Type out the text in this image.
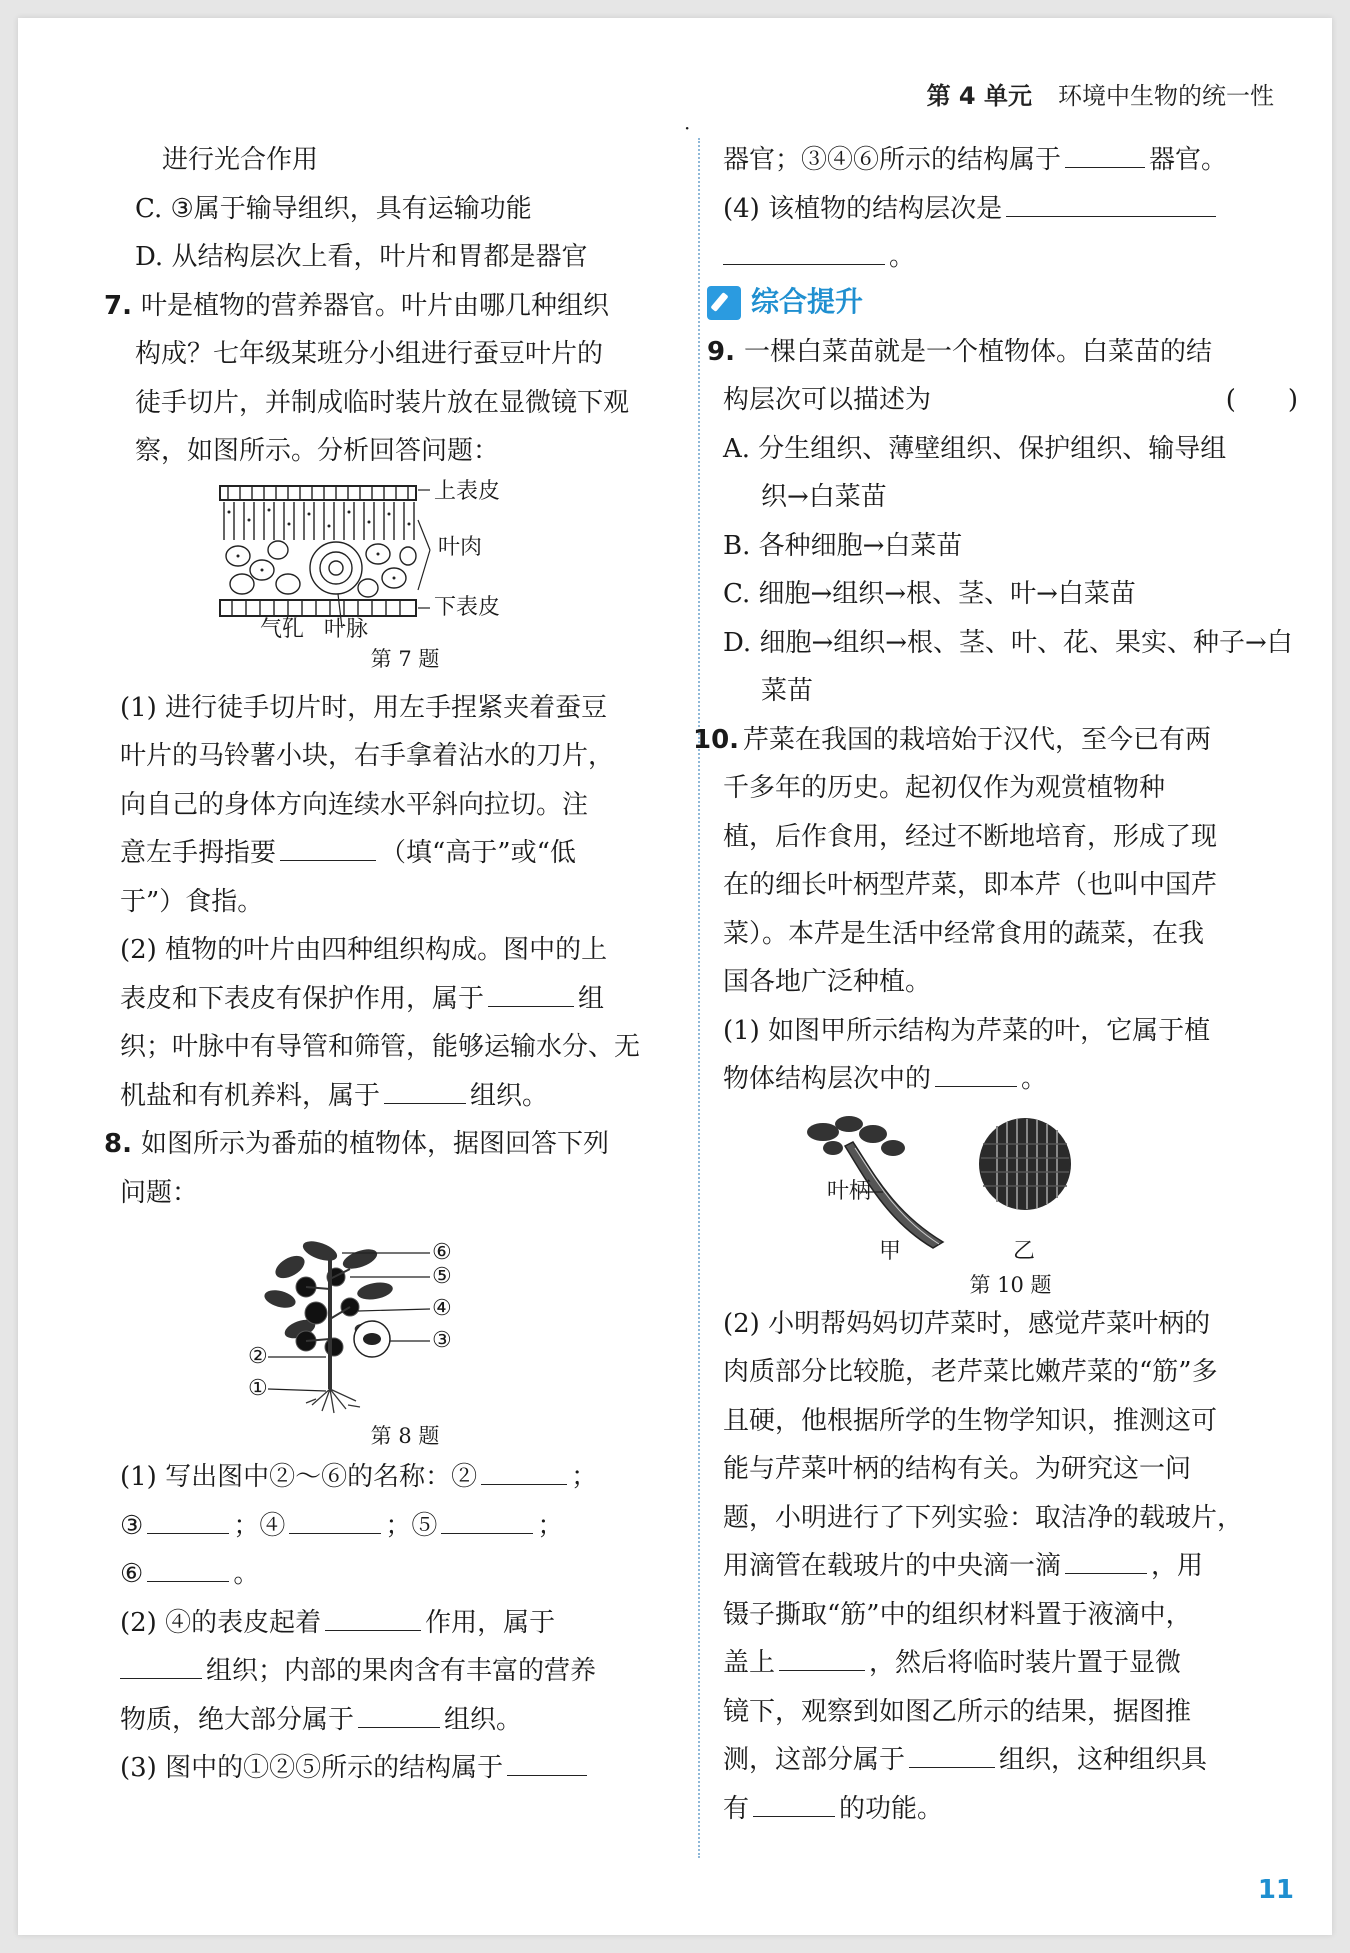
第 4 单元 环境中生物的统一性
·
进行光合作用
C. ③属于输导组织，具有运输功能
D. 从结构层次上看，叶片和胃都是器官
7. 叶是植物的营养器官。叶片由哪几种组织
构成？七年级某班分小组进行蚕豆叶片的
徒手切片，并制成临时装片放在显微镜下观
察，如图所示。分析回答问题：
上表皮
叶肉
下表皮
气孔 叶脉
第 7 题
(1) 进行徒手切片时，用左手捏紧夹着蚕豆
叶片的马铃薯小块，右手拿着沾水的刀片，
向自己的身体方向连续水平斜向拉切。注
意左手拇指要	（填“高于”或“低
于”）食指。
(2) 植物的叶片由四种组织构成。图中的上
表皮和下表皮有保护作用，属于	组
织；叶脉中有导管和筛管，能够运输水分、无
机盐和有机养料，属于	组织。
8. 如图所示为番茄的植物体，据图回答下列
问题：
⑥
⑤
④
③
②
①
第 8 题
(1) 写出图中②～⑥的名称：②	；
③	；④	；⑤	；
⑥	。
(2) ④的表皮起着	作用，属于
组织；内部的果肉含有丰富的营养
物质，绝大部分属于	组织。
(3) 图中的①②⑤所示的结构属于
器官；③④⑥所示的结构属于	器官。
(4) 该植物的结构层次是
。
综合提升
9. 一棵白菜苗就是一个植物体。白菜苗的结
构层次可以描述为	(　　)
A. 分生组织、薄壁组织、保护组织、输导组
织→白菜苗
B. 各种细胞→白菜苗
C. 细胞→组织→根、茎、叶→白菜苗
D. 细胞→组织→根、茎、叶、花、果实、种子→白
菜苗
10. 芹菜在我国的栽培始于汉代，至今已有两
千多年的历史。起初仅作为观赏植物种
植，后作食用，经过不断地培育，形成了现
在的细长叶柄型芹菜，即本芹（也叫中国芹
菜）。本芹是生活中经常食用的蔬菜，在我
国各地广泛种植。
(1) 如图甲所示结构为芹菜的叶，它属于植
物体结构层次中的	。
叶柄
甲	乙
第 10 题
(2) 小明帮妈妈切芹菜时，感觉芹菜叶柄的
肉质部分比较脆，老芹菜比嫩芹菜的“筋”多
且硬，他根据所学的生物学知识，推测这可
能与芹菜叶柄的结构有关。为研究这一问
题，小明进行了下列实验：取洁净的载玻片，
用滴管在载玻片的中央滴一滴	，用
镊子撕取“筋”中的组织材料置于液滴中，
盖上	，然后将临时装片置于显微
镜下，观察到如图乙所示的结果，据图推
测，这部分属于	组织，这种组织具
有	的功能。
11
